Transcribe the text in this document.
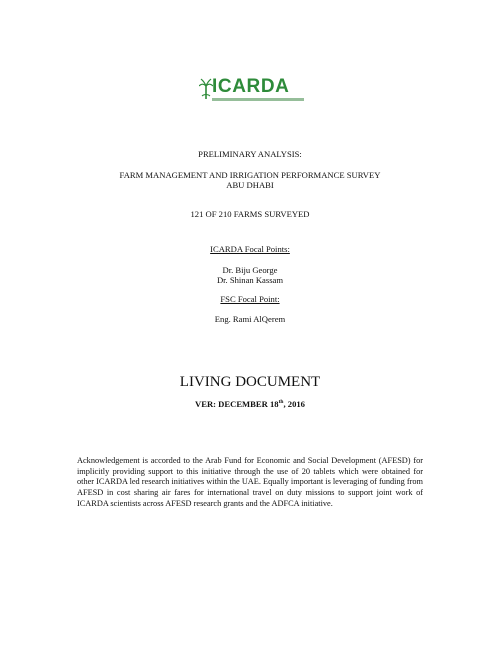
ICARDA
PRELIMINARY ANALYSIS:
FARM MANAGEMENT AND IRRIGATION PERFORMANCE SURVEY
ABU DHABI
121 OF 210 FARMS SURVEYED
ICARDA Focal Points:
Dr. Biju George
Dr. Shinan Kassam
FSC Focal Point:
Eng. Rami AlQerem
LIVING DOCUMENT
VER: DECEMBER 18th, 2016

Acknowledgement is accorded to the Arab Fund for Economic and Social Development (AFESD) for implicitly providing support to this initiative through the use of 20 tablets which were obtained for other ICARDA led research initiatives within the UAE. Equally important is leveraging of funding from AFESD in cost sharing air fares for international travel on duty missions to support joint work of ICARDA scientists across AFESD research grants and the ADFCA initiative.
